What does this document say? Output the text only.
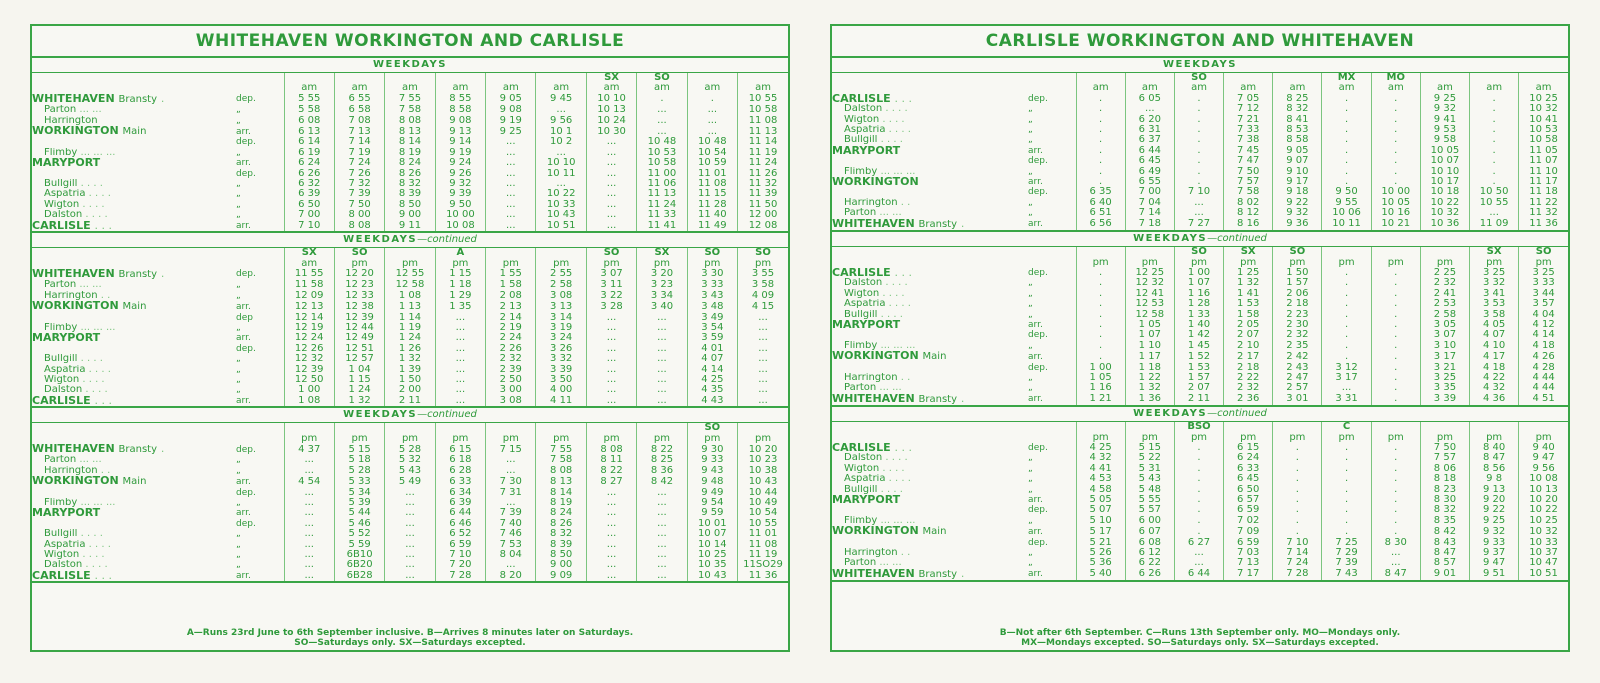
WHITEHAVEN WORKINGTON AND CARLISLE
WEEKDAYS
								SX	SO		
		am	am	am	am	am	am	am	am	am	am
WHITEHAVEN Bransty .	dep.	5 55	6 55	7 55	8 55	9 05	9 45	10 10	.	.	10 55
Parton ... ...	„	5 58	6 58	7 58	8 58	9 08	...	10 13	...	...	10 58
Harrington	„	6 08	7 08	8 08	9 08	9 19	9 56	10 24	...	...	11 08
WORKINGTON Main	arr.	6 13	7 13	8 13	9 13	9 25	10 1	10 30	...	...	11 13
	dep.	6 14	7 14	8 14	9 14	...	10 2	...	10 48	10 48	11 14
Flimby ... ... ...	„	6 19	7 19	8 19	9 19	...	...	...	10 53	10 54	11 19
MARYPORT	arr.	6 24	7 24	8 24	9 24	...	10 10	...	10 58	10 59	11 24
	dep.	6 26	7 26	8 26	9 26	...	10 11	...	11 00	11 01	11 26
Bullgill . . . .	„	6 32	7 32	8 32	9 32	...	...	...	11 06	11 08	11 32
Aspatria . . . .	„	6 39	7 39	8 39	9 39	...	10 22	...	11 13	11 15	11 39
Wigton . . . .	„	6 50	7 50	8 50	9 50	...	10 33	...	11 24	11 28	11 50
Dalston . . . .	„	7 00	8 00	9 00	10 00	...	10 43	...	11 33	11 40	12 00
CARLISLE . . .	arr.	7 10	8 08	9 11	10 08	...	10 51	...	11 41	11 49	12 08
WEEKDAYS—continued
		SX	SO		A			SO	SX	SO	SO
		am	pm	pm	pm	pm	pm	pm	pm	pm	pm
WHITEHAVEN Bransty .	dep.	11 55	12 20	12 55	1 15	1 55	2 55	3 07	3 20	3 30	3 55
Parton ... ...	„	11 58	12 23	12 58	1 18	1 58	2 58	3 11	3 23	3 33	3 58
Harrington . .	„	12 09	12 33	1 08	1 29	2 08	3 08	3 22	3 34	3 43	4 09
WORKINGTON Main	arr.	12 13	12 38	1 13	1 35	2 13	3 13	3 28	3 40	3 48	4 15
	dep	12 14	12 39	1 14	...	2 14	3 14	...	...	3 49	...
Flimby ... ... ...	„	12 19	12 44	1 19	...	2 19	3 19	...	...	3 54	...
MARYPORT	arr.	12 24	12 49	1 24	...	2 24	3 24	...	...	3 59	...
	dep.	12 26	12 51	1 26	...	2 26	3 26	...	...	4 01	...
Bullgill . . . .	„	12 32	12 57	1 32	...	2 32	3 32	...	...	4 07	...
Aspatria . . . .	„	12 39	1 04	1 39	...	2 39	3 39	...	...	4 14	...
Wigton . . . .	„	12 50	1 15	1 50	...	2 50	3 50	...	...	4 25	...
Dalston . . . .	„	1 00	1 24	2 00	...	3 00	4 00	...	...	4 35	...
CARLISLE . . .	arr.	1 08	1 32	2 11	...	3 08	4 11	...	...	4 43	...
WEEKDAYS—continued
										SO	
		pm	pm	pm	pm	pm	pm	pm	pm	pm	pm
WHITEHAVEN Bransty .	dep.	4 37	5 15	5 28	6 15	7 15	7 55	8 08	8 22	9 30	10 20
Parton ... ...	„	...	5 18	5 32	6 18	...	7 58	8 11	8 25	9 33	10 23
Harrington . .	„	...	5 28	5 43	6 28	...	8 08	8 22	8 36	9 43	10 38
WORKINGTON Main	arr.	4 54	5 33	5 49	6 33	7 30	8 13	8 27	8 42	9 48	10 43
	dep.	...	5 34	...	6 34	7 31	8 14	...	...	9 49	10 44
Flimby ... ... ...	„	...	5 39	...	6 39	...	8 19	...	...	9 54	10 49
MARYPORT	arr.	...	5 44	...	6 44	7 39	8 24	...	...	9 59	10 54
	dep.	...	5 46	...	6 46	7 40	8 26	...	...	10 01	10 55
Bullgill . . . .	„	...	5 52	...	6 52	7 46	8 32	...	...	10 07	11 01
Aspatria . . . .	„	...	5 59	...	6 59	7 53	8 39	...	...	10 14	11 08
Wigton . . . .	„	...	6B10	...	7 10	8 04	8 50	...	...	10 25	11 19
Dalston . . . .	„	...	6B20	...	7 20	...	9 00	...	...	10 35	11SO29
CARLISLE . . .	arr.	...	6B28	...	7 28	8 20	9 09	...	...	10 43	11 36
A—Runs 23rd June to 6th September inclusive. B—Arrives 8 minutes later on Saturdays.
SO—Saturdays only. SX—Saturdays excepted.
CARLISLE WORKINGTON AND WHITEHAVEN
WEEKDAYS
				SO			MX	MO			
		am	am	am	am	am	am	am	am	am	am
CARLISLE . . .	dep.	.	6 05	.	7 05	8 25	.	.	9 25	.	10 25
Dalston . . . .	„	.	...	.	7 12	8 32	.	.	9 32	.	10 32
Wigton . . . .	„	.	6 20	.	7 21	8 41	.	.	9 41	.	10 41
Aspatria . . . .	„	.	6 31	.	7 33	8 53	.	.	9 53	.	10 53
Bullgill . . . .	„	.	6 37	.	7 38	8 58	.	.	9 58	.	10 58
MARYPORT	arr.	.	6 44	.	7 45	9 05	.	.	10 05	.	11 05
	dep.	.	6 45	.	7 47	9 07	.	.	10 07	.	11 07
Flimby ... ... ...	„	.	6 49	.	7 50	9 10	.	.	10 10	.	11 10
WORKINGTON	arr.	.	6 55	.	7 57	9 17	.	.	10 17	.	11 17
	dep.	6 35	7 00	7 10	7 58	9 18	9 50	10 00	10 18	10 50	11 18
Harrington . .	„	6 40	7 04	...	8 02	9 22	9 55	10 05	10 22	10 55	11 22
Parton ... ...	„	6 51	7 14	...	8 12	9 32	10 06	10 16	10 32	...	11 32
WHITEHAVEN Bransty .	arr.	6 56	7 18	7 27	8 16	9 36	10 11	10 21	10 36	11 09	11 36
WEEKDAYS—continued
				SO	SX	SO				SX	SO
		pm	pm	pm	pm	pm	pm	pm	pm	pm	pm
CARLISLE . . .	dep.	.	12 25	1 00	1 25	1 50	.	.	2 25	3 25	3 25
Dalston . . . .	„	.	12 32	1 07	1 32	1 57	.	.	2 32	3 32	3 33
Wigton . . . .	„	.	12 41	1 16	1 41	2 06	.	.	2 41	3 41	3 44
Aspatria . . . .	„	.	12 53	1 28	1 53	2 18	.	.	2 53	3 53	3 57
Bullgill . . . .	„	.	12 58	1 33	1 58	2 23	.	.	2 58	3 58	4 04
MARYPORT	arr.	.	1 05	1 40	2 05	2 30	.	.	3 05	4 05	4 12
	dep.	.	1 07	1 42	2 07	2 32	.	.	3 07	4 07	4 14
Flimby ... ... ...	„	.	1 10	1 45	2 10	2 35	.	.	3 10	4 10	4 18
WORKINGTON Main	arr.	.	1 17	1 52	2 17	2 42	.	.	3 17	4 17	4 26
	dep.	1 00	1 18	1 53	2 18	2 43	3 12	.	3 21	4 18	4 28
Harrington . .	„	1 05	1 22	1 57	2 22	2 47	3 17	.	3 25	4 22	4 44
Parton ... ...	„	1 16	1 32	2 07	2 32	2 57	...	.	3 35	4 32	4 44
WHITEHAVEN Bransty .	arr.	1 21	1 36	2 11	2 36	3 01	3 31	.	3 39	4 36	4 51
WEEKDAYS—continued
				BSO			C				
		pm	pm	pm	pm	pm	pm	pm	pm	pm	pm
CARLISLE . . .	dep.	4 25	5 15	.	6 15	.	.	.	7 50	8 40	9 40
Dalston . . . .	„	4 32	5 22	.	6 24	.	.	.	7 57	8 47	9 47
Wigton . . . .	„	4 41	5 31	.	6 33	.	.	.	8 06	8 56	9 56
Aspatria . . . .	„	4 53	5 43	.	6 45	.	.	.	8 18	9 8	10 08
Bullgill . . . .	„	4 58	5 48	.	6 50	.	.	.	8 23	9 13	10 13
MARYPORT	arr.	5 05	5 55	.	6 57	.	.	.	8 30	9 20	10 20
	dep.	5 07	5 57	.	6 59	.	.	.	8 32	9 22	10 22
Flimby ... ... ...	„	5 10	6 00	.	7 02	.	.	.	8 35	9 25	10 25
WORKINGTON Main	arr.	5 17	6 07	.	7 09	.	.	.	8 42	9 32	10 32
	dep.	5 21	6 08	6 27	6 59	7 10	7 25	8 30	8 43	9 33	10 33
Harrington . .	„	5 26	6 12	...	7 03	7 14	7 29	...	8 47	9 37	10 37
Parton ... ...	„	5 36	6 22	...	7 13	7 24	7 39	...	8 57	9 47	10 47
WHITEHAVEN Bransty .	arr.	5 40	6 26	6 44	7 17	7 28	7 43	8 47	9 01	9 51	10 51
B—Not after 6th September. C—Runs 13th September only. MO—Mondays only.
MX—Mondays excepted. SO—Saturdays only. SX—Saturdays excepted.
